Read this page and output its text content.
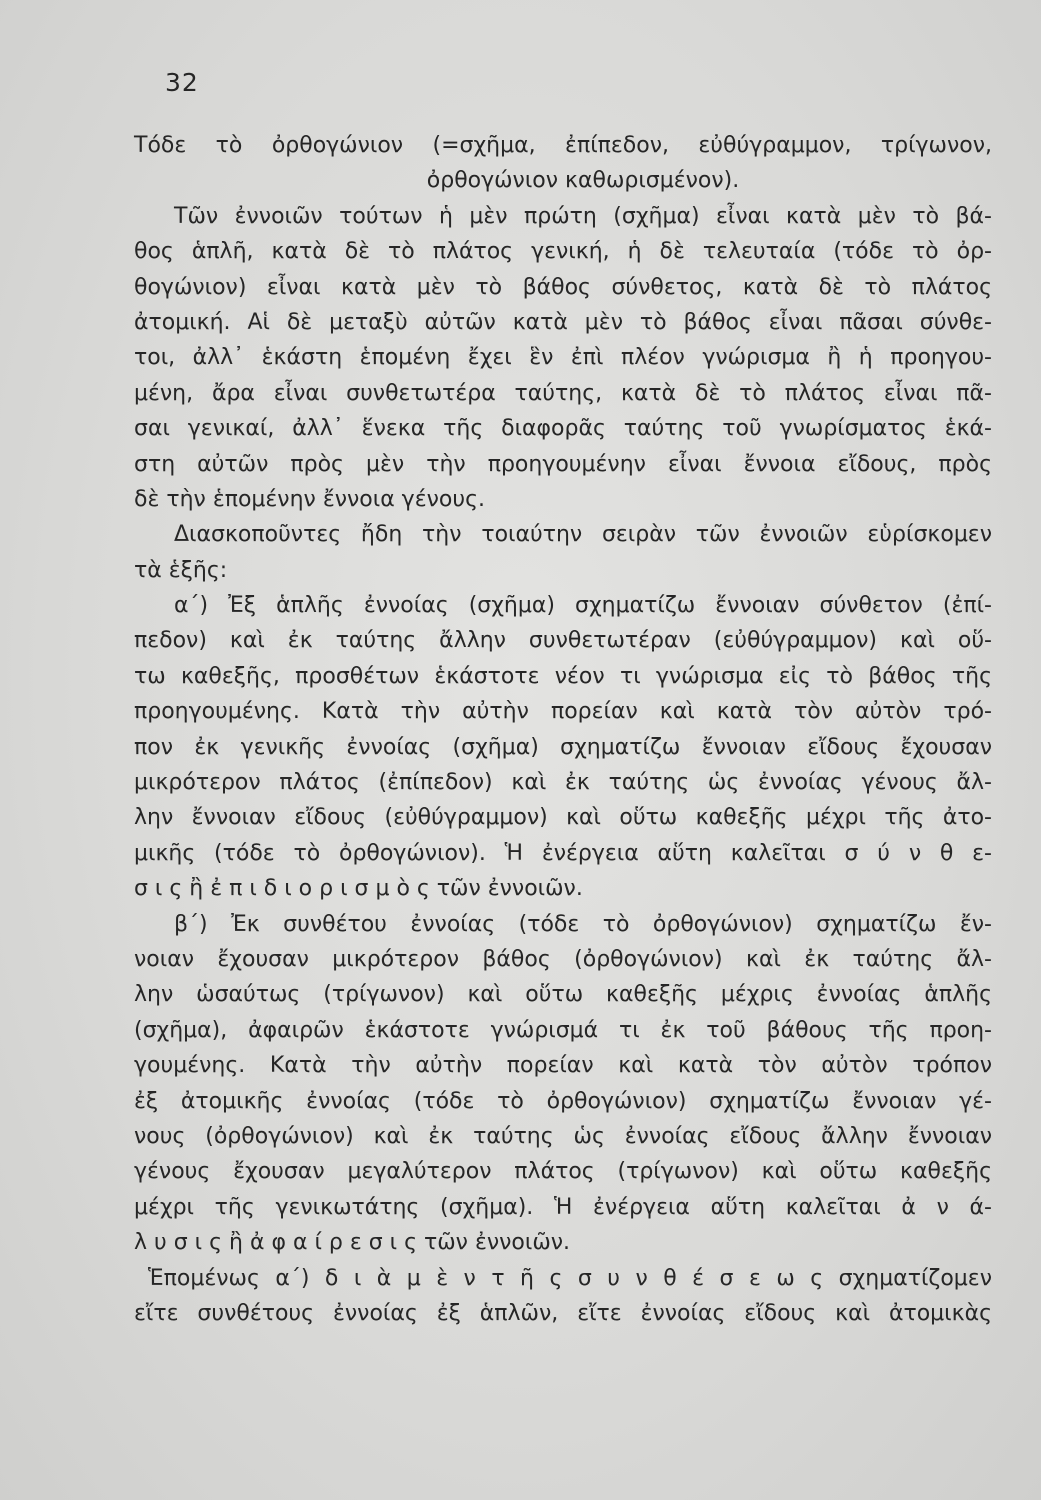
32
Τόδε τὸ ὀρθογώνιον (=σχῆμα, ἐπίπεδον, εὐθύγραμμον, τρίγωνον,
ὀρθογώνιον καθωρισμένον).
Τῶν ἐννοιῶν τούτων ἡ μὲν πρώτη (σχῆμα) εἶναι κατὰ μὲν τὸ βά-
θος ἁπλῆ, κατὰ δὲ τὸ πλάτος γενική, ἡ δὲ τελευταία (τόδε τὸ ὀρ-
θογώνιον) εἶναι κατὰ μὲν τὸ βάθος σύνθετος, κατὰ δὲ τὸ πλάτος
ἀτομική. Αἱ δὲ μεταξὺ αὐτῶν κατὰ μὲν τὸ βάθος εἶναι πᾶσαι σύνθε-
τοι, ἀλλ᾽ ἑκάστη ἑπομένη ἔχει ἓν ἐπὶ πλέον γνώρισμα ἢ ἡ προηγου-
μένη, ἄρα εἶναι συνθετωτέρα ταύτης, κατὰ δὲ τὸ πλάτος εἶναι πᾶ-
σαι γενικαί, ἀλλ᾽ ἕνεκα τῆς διαφορᾶς ταύτης τοῦ γνωρίσματος ἑκά-
στη αὐτῶν πρὸς μὲν τὴν προηγουμένην εἶναι ἔννοια εἴδους, πρὸς
δὲ τὴν ἑπομένην ἔννοια γένους.
Διασκοποῦντες ἤδη τὴν τοιαύτην σειρὰν τῶν ἐννοιῶν εὑρίσκομεν
τὰ ἑξῆς:
α΄) Ἐξ ἁπλῆς ἐννοίας (σχῆμα) σχηματίζω ἔννοιαν σύνθετον (ἐπί-
πεδον) καὶ ἐκ ταύτης ἄλλην συνθετωτέραν (εὐθύγραμμον) καὶ οὕ-
τω καθεξῆς, προσθέτων ἑκάστοτε νέον τι γνώρισμα εἰς τὸ βάθος τῆς
προηγουμένης. Κατὰ τὴν αὐτὴν πορείαν καὶ κατὰ τὸν αὐτὸν τρό-
πον ἐκ γενικῆς ἐννοίας (σχῆμα) σχηματίζω ἔννοιαν εἴδους ἔχουσαν
μικρότερον πλάτος (ἐπίπεδον) καὶ ἐκ ταύτης ὡς ἐννοίας γένους ἄλ-
λην ἔννοιαν εἴδους (εὐθύγραμμον) καὶ οὕτω καθεξῆς μέχρι τῆς ἀτο-
μικῆς (τόδε τὸ ὀρθογώνιον). Ἡ ἐνέργεια αὕτη καλεῖται σ ύ ν θ ε-
σ ι ς ἢ ἐ π ι δ ι ο ρ ι σ μ ὸ ς τῶν ἐννοιῶν.
β΄) Ἐκ συνθέτου ἐννοίας (τόδε τὸ ὀρθογώνιον) σχηματίζω ἔν-
νοιαν ἔχουσαν μικρότερον βάθος (ὀρθογώνιον) καὶ ἐκ ταύτης ἄλ-
λην ὡσαύτως (τρίγωνον) καὶ οὕτω καθεξῆς μέχρις ἐννοίας ἁπλῆς
(σχῆμα), ἀφαιρῶν ἑκάστοτε γνώρισμά τι ἐκ τοῦ βάθους τῆς προη-
γουμένης. Κατὰ τὴν αὐτὴν πορείαν καὶ κατὰ τὸν αὐτὸν τρόπον
ἐξ ἀτομικῆς ἐννοίας (τόδε τὸ ὀρθογώνιον) σχηματίζω ἔννοιαν γέ-
νους (ὀρθογώνιον) καὶ ἐκ ταύτης ὡς ἐννοίας εἴδους ἄλλην ἔννοιαν
γένους ἔχουσαν μεγαλύτερον πλάτος (τρίγωνον) καὶ οὕτω καθεξῆς
μέχρι τῆς γενικωτάτης (σχῆμα). Ἡ ἐνέργεια αὕτη καλεῖται ἀ ν ά-
λ υ σ ι ς ἢ ἀ φ α ί ρ ε σ ι ς τῶν ἐννοιῶν.
Ἑπομένως α΄) δ ι ὰ μ ὲ ν τ ῆ ς σ υ ν θ έ σ ε ω ς σχηματίζομεν
εἴτε συνθέτους ἐννοίας ἐξ ἁπλῶν, εἴτε ἐννοίας εἴδους καὶ ἀτομικὰς
